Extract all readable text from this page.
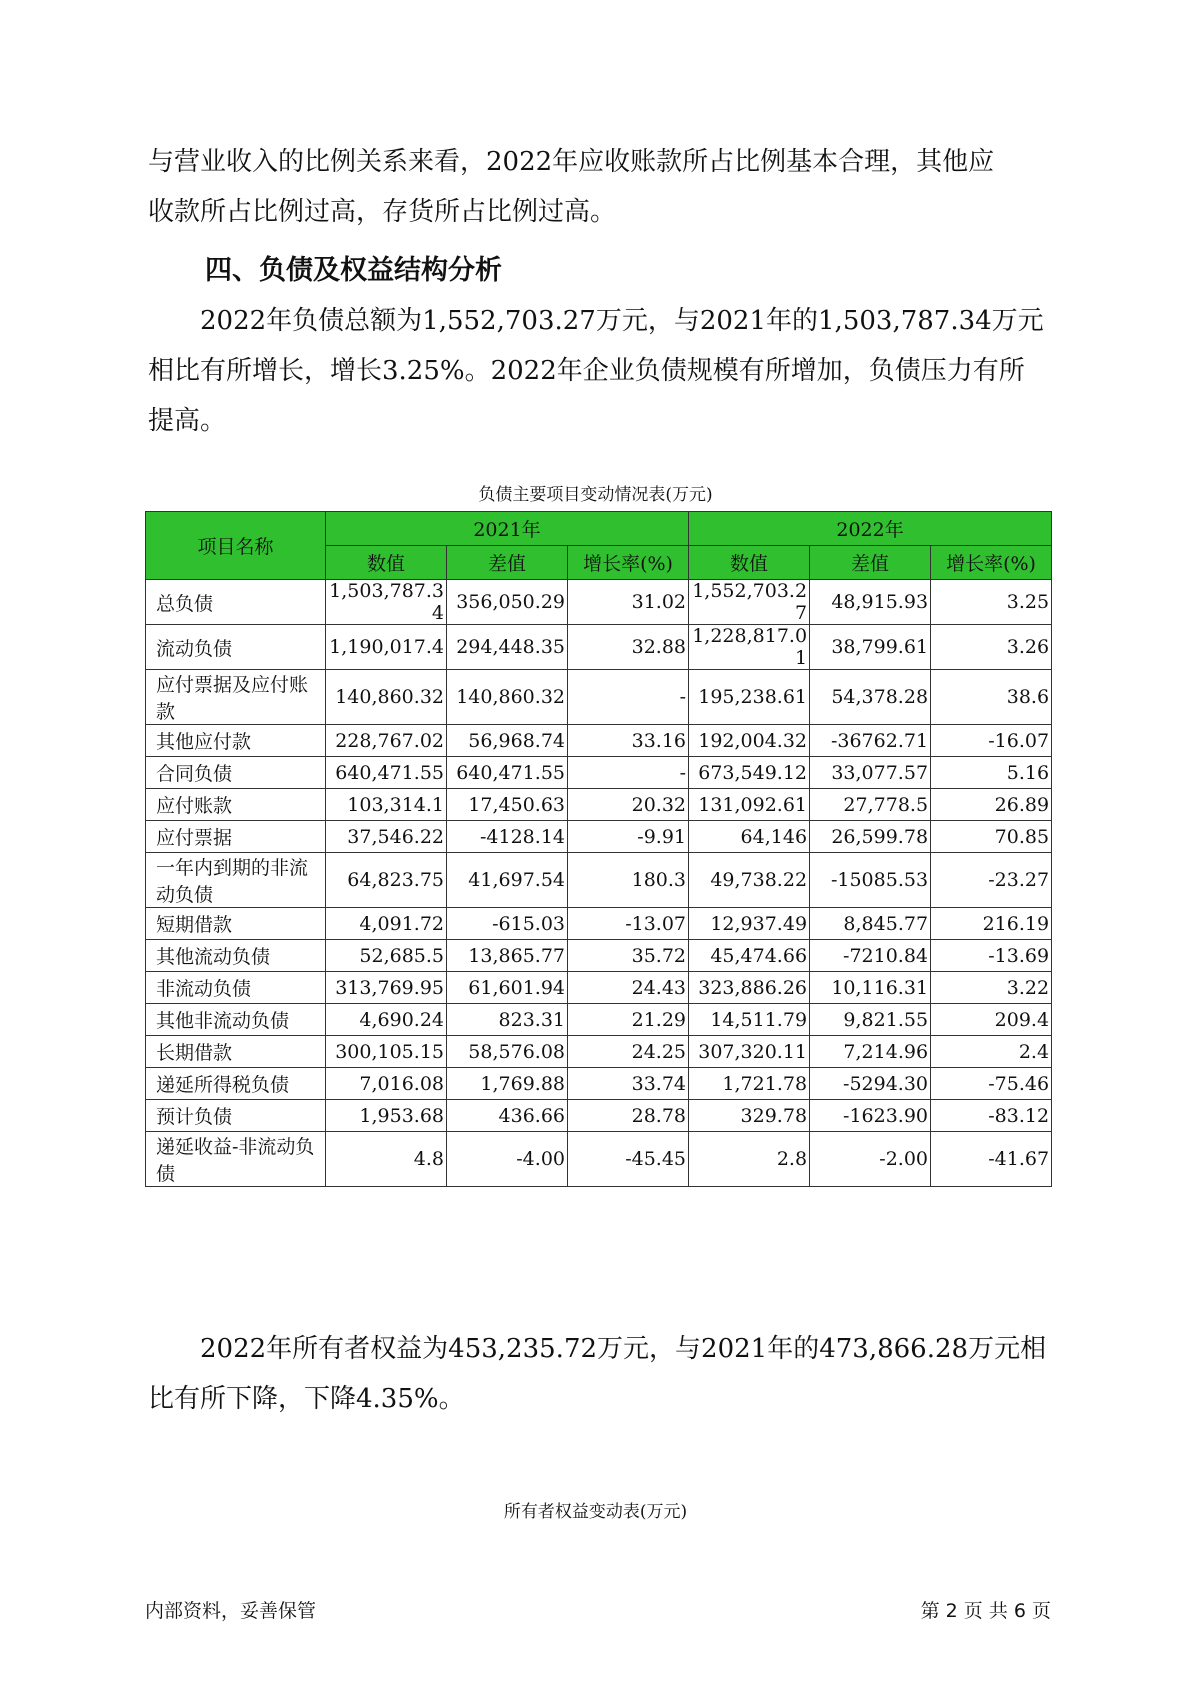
与营业收入的比例关系来看，2022年应收账款所占比例基本合理，其他应
收款所占比例过高，存货所占比例过高。
四、负债及权益结构分析
2022年负债总额为1,552,703.27万元，与2021年的1,503,787.34万元
相比有所增长，增长3.25%。2022年企业负债规模有所增加，负债压力有所
提高。
负债主要项目变动情况表(万元)
项目名称	2021年			2022年		
	数值	差值	增长率(%)	数值	差值	增长率(%)
总负债	1,503,787.34	356,050.29	31.02	1,552,703.27	48,915.93	3.25
流动负债	1,190,017.4	294,448.35	32.88	1,228,817.01	38,799.61	3.26
应付票据及应付账款	140,860.32	140,860.32	-	195,238.61	54,378.28	38.6
其他应付款	228,767.02	56,968.74	33.16	192,004.32	-36762.71	-16.07
合同负债	640,471.55	640,471.55	-	673,549.12	33,077.57	5.16
应付账款	103,314.1	17,450.63	20.32	131,092.61	27,778.5	26.89
应付票据	37,546.22	-4128.14	-9.91	64,146	26,599.78	70.85
一年内到期的非流动负债	64,823.75	41,697.54	180.3	49,738.22	-15085.53	-23.27
短期借款	4,091.72	-615.03	-13.07	12,937.49	8,845.77	216.19
其他流动负债	52,685.5	13,865.77	35.72	45,474.66	-7210.84	-13.69
非流动负债	313,769.95	61,601.94	24.43	323,886.26	10,116.31	3.22
其他非流动负债	4,690.24	823.31	21.29	14,511.79	9,821.55	209.4
长期借款	300,105.15	58,576.08	24.25	307,320.11	7,214.96	2.4
递延所得税负债	7,016.08	1,769.88	33.74	1,721.78	-5294.30	-75.46
预计负债	1,953.68	436.66	28.78	329.78	-1623.90	-83.12
递延收益-非流动负债	4.8	-4.00	-45.45	2.8	-2.00	-41.67
2022年所有者权益为453,235.72万元，与2021年的473,866.28万元相
比有所下降，下降4.35%。
所有者权益变动表(万元)
内部资料，妥善保管	第 2 页 共 6 页
